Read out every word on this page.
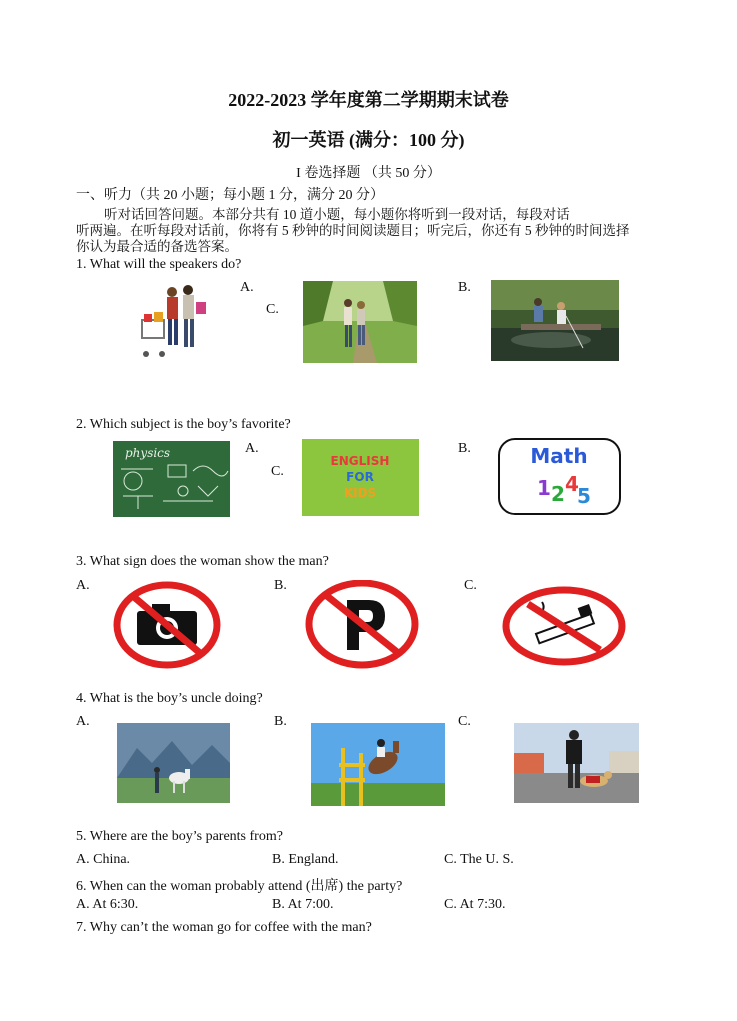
2022-2023 学年度第二学期期末试卷
初一英语 (满分：100 分)
I 卷选择题 （共 50 分）
一、听力（共 20 小题；每小题 1 分，满分 20 分）
听对话回答问题。本部分共有 10 道小题，每小题你将听到一段对话，每段对话
听两遍。在听每段对话前，你将有 5 秒钟的时间阅读题目；听完后，你还有 5 秒钟的时间选择
你认为最合适的备选答案。
1. What will the speakers do?
A.
C.
B.
2. Which subject is the boy’s favorite?
physics	A.
C.
ENGLISH
FOR
KIDS
B.	Math
1 2 4
5
3. What sign does the woman show the man?
A.	B.	C.
4. What is the boy’s uncle doing?
A.	B.	C.
5. Where are the boy’s parents from?
A. China.	B. England.	C. The U. S.
6. When can the woman probably attend (出席) the party?
A. At 6:30.	B. At 7:00.	C. At 7:30.
7. Why can’t the woman go for coffee with the man?
